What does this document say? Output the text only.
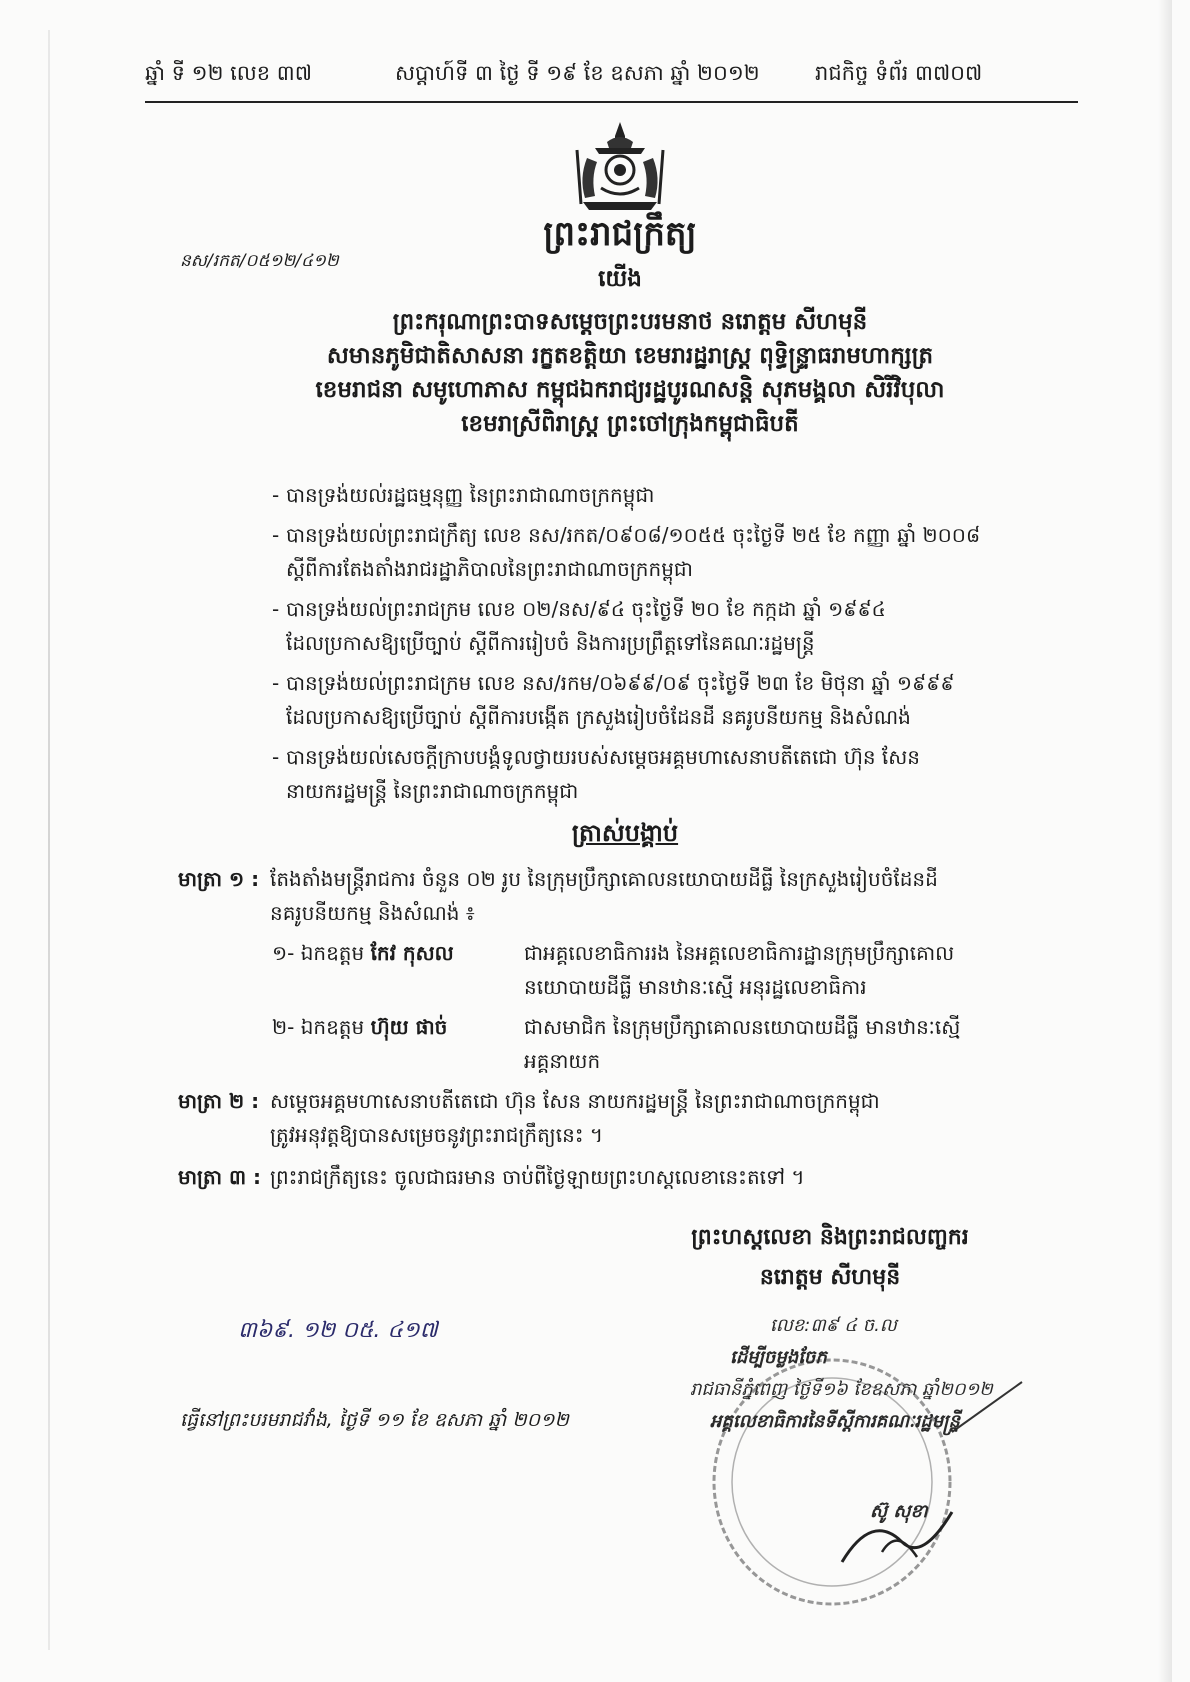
ឆ្នាំ ទី ១២ លេខ ៣៧	សប្តាហ៍ទី ៣ ថ្ងៃ ទី ១៩ ខែ ឧសភា ឆ្នាំ ២០១២	រាជកិច្ច ទំព័រ ៣៧០៧
ព្រះរាជក្រឹត្យ
នស/រកត/០៥១២/៤១២
យើង
ព្រះករុណាព្រះបាទសម្តេចព្រះបរមនាថ នរោត្តម សីហមុនី
សមានភូមិជាតិសាសនា រក្ខតខត្តិយា ខេមរារដ្ឋរាស្ត្រ ពុទ្ធិន្ទ្រាធរាមហាក្សត្រ
ខេមរាជនា សមូហោភាស កម្ពុជឯករាជ្យរដ្ឋបូរណសន្តិ សុភមង្គលា សិរីវិបុលា
ខេមរាស្រីពិរាស្ត្រ ព្រះចៅក្រុងកម្ពុជាធិបតី

- បានទ្រង់យល់រដ្ឋធម្មនុញ្ញ នៃព្រះរាជាណាចក្រកម្ពុជា

- បានទ្រង់យល់ព្រះរាជក្រឹត្យ លេខ នស/រកត/០៩០៨/១០៥៥ ចុះថ្ងៃទី ២៥ ខែ កញ្ញា ឆ្នាំ ២០០៨

ស្តីពីការតែងតាំងរាជរដ្ឋាភិបាលនៃព្រះរាជាណាចក្រកម្ពុជា

- បានទ្រង់យល់ព្រះរាជក្រម លេខ ០២/នស/៩៤ ចុះថ្ងៃទី ២០ ខែ កក្កដា ឆ្នាំ ១៩៩៤

ដែលប្រកាសឱ្យប្រើច្បាប់ ស្តីពីការរៀបចំ និងការប្រព្រឹត្តទៅនៃគណៈរដ្ឋមន្ត្រី

- បានទ្រង់យល់ព្រះរាជក្រម លេខ នស/រកម/០៦៩៩/០៩ ចុះថ្ងៃទី ២៣ ខែ មិថុនា ឆ្នាំ ១៩៩៩

ដែលប្រកាសឱ្យប្រើច្បាប់ ស្តីពីការបង្កើត ក្រសួងរៀបចំដែនដី នគរូបនីយកម្ម និងសំណង់

- បានទ្រង់យល់សេចក្តីក្រាបបង្គំទូលថ្វាយរបស់សម្តេចអគ្គមហាសេនាបតីតេជោ ហ៊ុន សែន

នាយករដ្ឋមន្ត្រី នៃព្រះរាជាណាចក្រកម្ពុជា

ត្រាស់បង្គាប់
មាត្រា ១ : តែងតាំងមន្ត្រីរាជការ ចំនួន ០២ រូប នៃក្រុមប្រឹក្សាគោលនយោបាយដីធ្លី នៃក្រសួងរៀបចំដែនដី
នគរូបនីយកម្ម និងសំណង់ ៖
១- ឯកឧត្តម កែវ កុសល	ជាអគ្គលេខាធិការរង នៃអគ្គលេខាធិការដ្ឋានក្រុមប្រឹក្សាគោល
នយោបាយដីធ្លី មានឋានៈស្មើ អនុរដ្ឋលេខាធិការ
២- ឯកឧត្តម ហ៊ុយ ផាច់	ជាសមាជិក នៃក្រុមប្រឹក្សាគោលនយោបាយដីធ្លី មានឋានៈស្មើ
អគ្គនាយក
មាត្រា ២ : សម្តេចអគ្គមហាសេនាបតីតេជោ ហ៊ុន សែន នាយករដ្ឋមន្ត្រី នៃព្រះរាជាណាចក្រកម្ពុជា
ត្រូវអនុវត្តឱ្យបានសម្រេចនូវព្រះរាជក្រឹត្យនេះ ។
មាត្រា ៣ : ព្រះរាជក្រឹត្យនេះ ចូលជាធរមាន ចាប់ពីថ្ងៃឡាយព្រះហស្តលេខានេះតទៅ ។
ព្រះហស្តលេខា និងព្រះរាជលញ្ចករ
នរោត្តម សីហមុនី
៣៦៩. ១២ ០៥. ៤១៧
ធ្វើនៅព្រះបរមរាជវាំង, ថ្ងៃទី ១១ ខែ ឧសភា ឆ្នាំ ២០១២
លេខ:៣៩ ៤ ច.ល
ដើម្បីចម្លងចែក
រាជធានីភ្នំពេញ ថ្ងៃទី១៦ ខែឧសភា ឆ្នាំ២០១២
អគ្គលេខាធិការនៃទីស្តីការគណៈរដ្ឋមន្ត្រី
ស៊ូ សុខា
